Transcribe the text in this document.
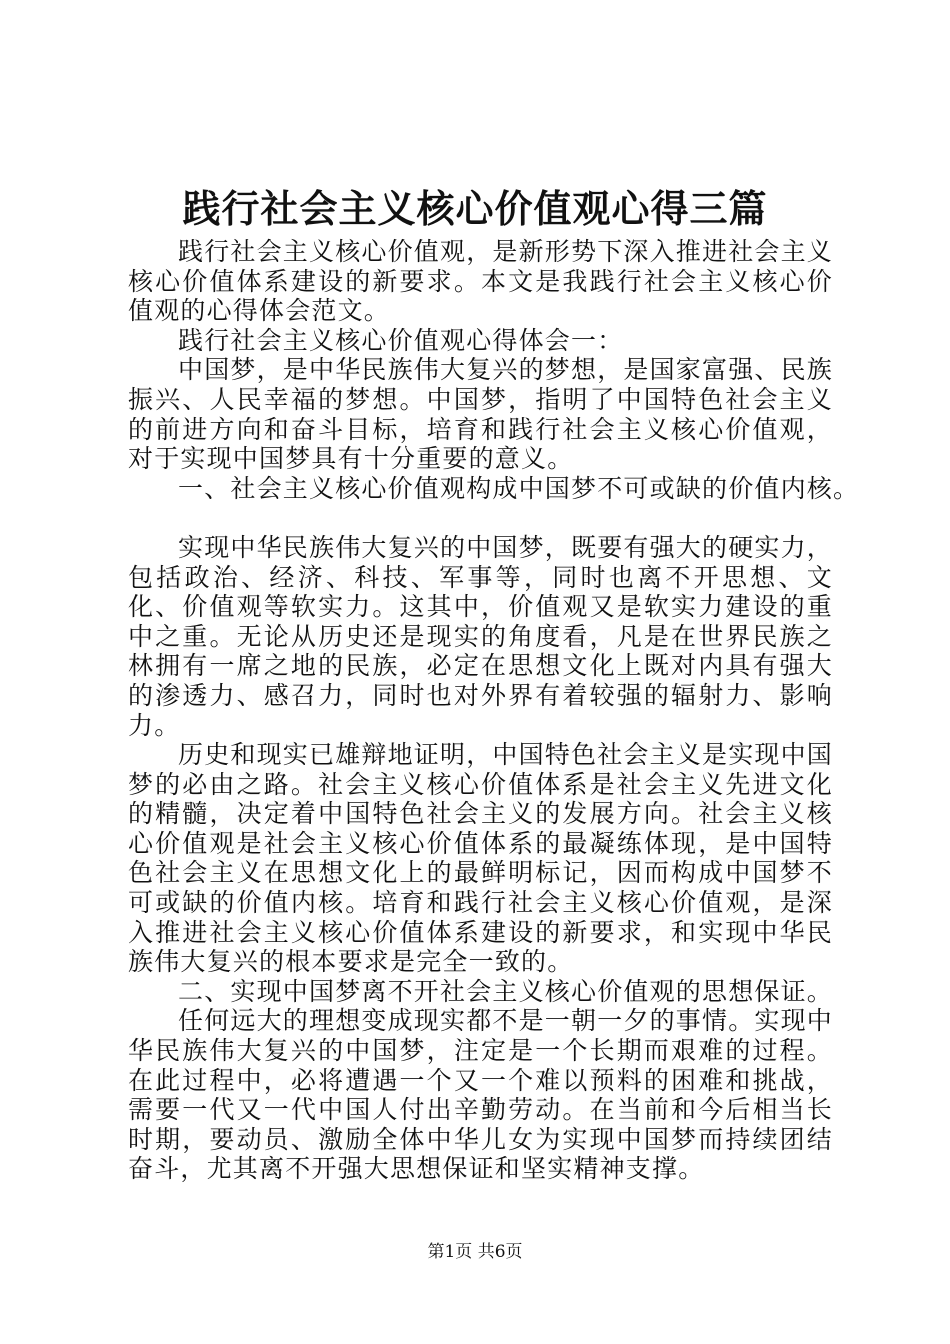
践行社会主义核心价值观心得三篇

践行社会主义核心价值观，是新形势下深入推进社会主义核心价值体系建设的新要求。本文是我践行社会主义核心价值观的心得体会范文。

践行社会主义核心价值观心得体会一：

中国梦，是中华民族伟大复兴的梦想，是国家富强、民族振兴、人民幸福的梦想。中国梦，指明了中国特色社会主义的前进方向和奋斗目标，培育和践行社会主义核心价值观，对于实现中国梦具有十分重要的意义。

一、社会主义核心价值观构成中国梦不可或缺的价值内核。

实现中华民族伟大复兴的中国梦，既要有强大的硬实力，包括政治、经济、科技、军事等，同时也离不开思想、文化、价值观等软实力。这其中，价值观又是软实力建设的重中之重。无论从历史还是现实的角度看，凡是在世界民族之林拥有一席之地的民族，必定在思想文化上既对内具有强大的渗透力、感召力，同时也对外界有着较强的辐射力、影响力。

历史和现实已雄辩地证明，中国特色社会主义是实现中国梦的必由之路。社会主义核心价值体系是社会主义先进文化的精髓，决定着中国特色社会主义的发展方向。社会主义核心价值观是社会主义核心价值体系的最凝练体现，是中国特色社会主义在思想文化上的最鲜明标记，因而构成中国梦不可或缺的价值内核。培育和践行社会主义核心价值观，是深入推进社会主义核心价值体系建设的新要求，和实现中华民族伟大复兴的根本要求是完全一致的。

二、实现中国梦离不开社会主义核心价值观的思想保证。

任何远大的理想变成现实都不是一朝一夕的事情。实现中华民族伟大复兴的中国梦，注定是一个长期而艰难的过程。在此过程中，必将遭遇一个又一个难以预料的困难和挑战，需要一代又一代中国人付出辛勤劳动。在当前和今后相当长时期，要动员、激励全体中华儿女为实现中国梦而持续团结奋斗，尤其离不开强大思想保证和坚实精神支撑。

第1页 共6页
